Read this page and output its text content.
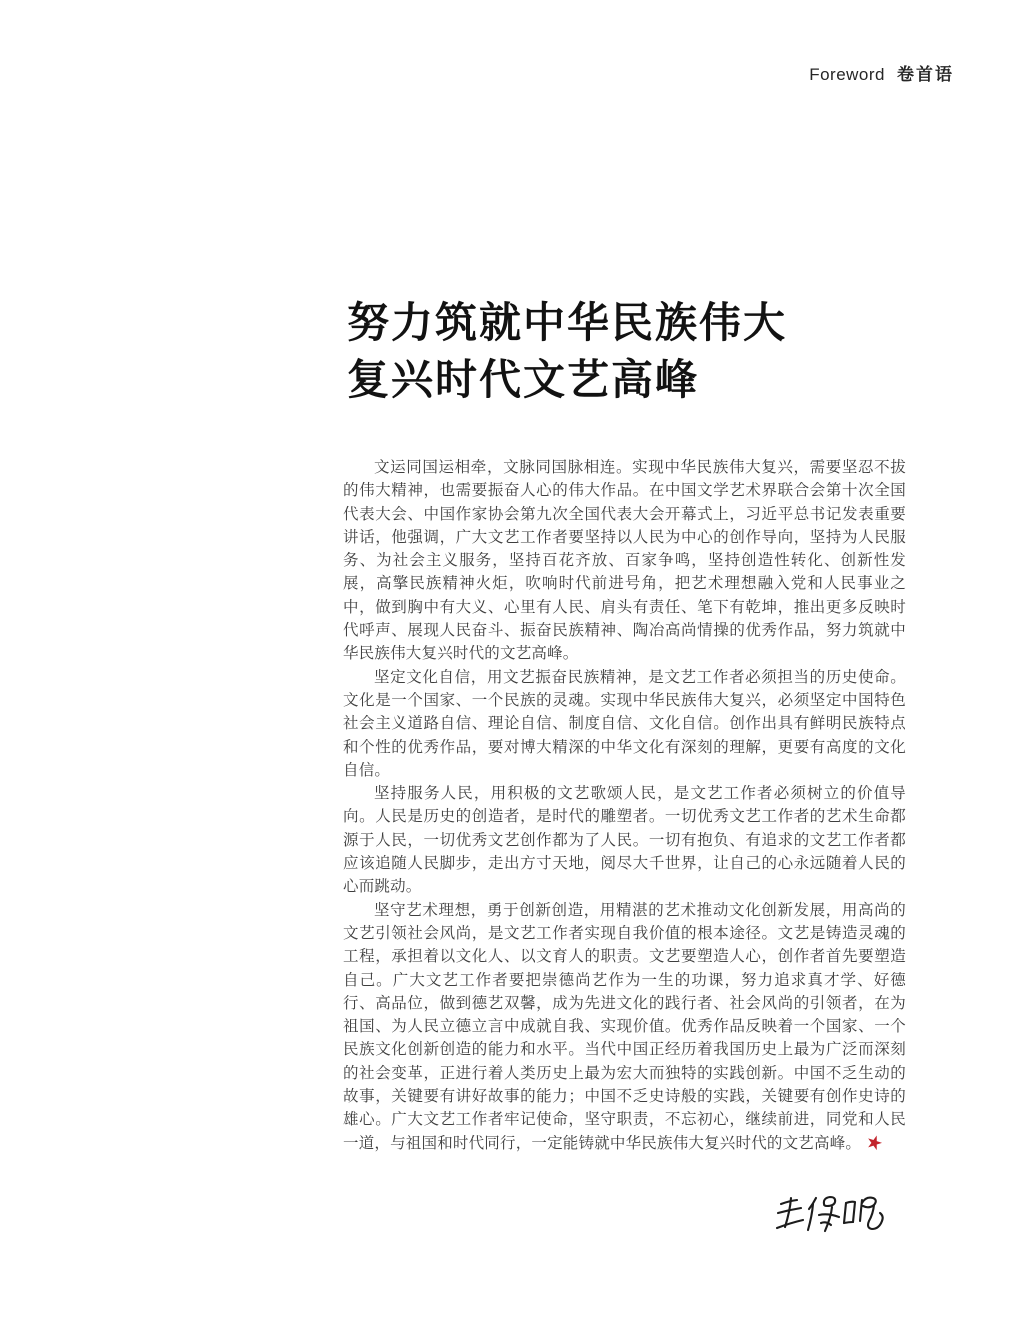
Foreword 卷首语
努力筑就中华民族伟大
复兴时代文艺高峰

文运同国运相牵，文脉同国脉相连。实现中华民族伟大复兴，需要坚忍不拔的伟大精神，也需要振奋人心的伟大作品。在中国文学艺术界联合会第十次全国代表大会、中国作家协会第九次全国代表大会开幕式上，习近平总书记发表重要讲话，他强调，广大文艺工作者要坚持以人民为中心的创作导向，坚持为人民服务、为社会主义服务，坚持百花齐放、百家争鸣，坚持创造性转化、创新性发展，高擎民族精神火炬，吹响时代前进号角，把艺术理想融入党和人民事业之中，做到胸中有大义、心里有人民、肩头有责任、笔下有乾坤，推出更多反映时代呼声、展现人民奋斗、振奋民族精神、陶冶高尚情操的优秀作品，努力筑就中华民族伟大复兴时代的文艺高峰。

坚定文化自信，用文艺振奋民族精神，是文艺工作者必须担当的历史使命。文化是一个国家、一个民族的灵魂。实现中华民族伟大复兴，必须坚定中国特色社会主义道路自信、理论自信、制度自信、文化自信。创作出具有鲜明民族特点和个性的优秀作品，要对博大精深的中华文化有深刻的理解，更要有高度的文化自信。

坚持服务人民，用积极的文艺歌颂人民，是文艺工作者必须树立的价值导向。人民是历史的创造者，是时代的雕塑者。一切优秀文艺工作者的艺术生命都源于人民，一切优秀文艺创作都为了人民。一切有抱负、有追求的文艺工作者都应该追随人民脚步，走出方寸天地，阅尽大千世界，让自己的心永远随着人民的心而跳动。

坚守艺术理想，勇于创新创造，用精湛的艺术推动文化创新发展，用高尚的文艺引领社会风尚，是文艺工作者实现自我价值的根本途径。文艺是铸造灵魂的工程，承担着以文化人、以文育人的职责。文艺要塑造人心，创作者首先要塑造自己。广大文艺工作者要把崇德尚艺作为一生的功课，努力追求真才学、好德行、高品位，做到德艺双馨，成为先进文化的践行者、社会风尚的引领者，在为祖国、为人民立德立言中成就自我、实现价值。优秀作品反映着一个国家、一个民族文化创新创造的能力和水平。当代中国正经历着我国历史上最为广泛而深刻的社会变革，正进行着人类历史上最为宏大而独特的实践创新。中国不乏生动的故事，关键要有讲好故事的能力；中国不乏史诗般的实践，关键要有创作史诗的雄心。广大文艺工作者牢记使命，坚守职责，不忘初心，继续前进，同党和人民一道，与祖国和时代同行，一定能铸就中华民族伟大复兴时代的文艺高峰。★
